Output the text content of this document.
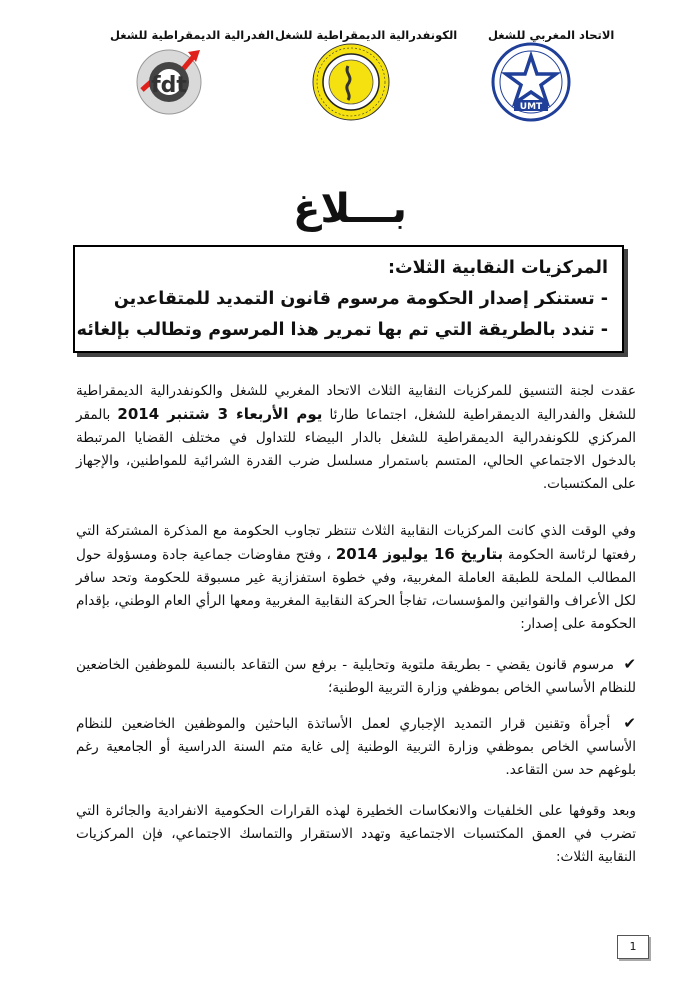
الفدرالية الديمقراطية للشغل الكونفدرالية الديمقراطية للشغل	الاتحاد المغربي للشغل
fdt
UMT
بـــلاغ
المركزيات النقابية الثلاث:
- تستنكر إصدار الحكومة مرسوم قانون التمديد للمتقاعدين
- تندد بالطريقة التي تم بها تمرير هذا المرسوم وتطالب بإلغائه
عقدت لجنة التنسيق للمركزيات النقابية الثلاث الاتحاد المغربي للشغل والكونفدرالية الديمقراطية للشغل والفدرالية الديمقراطية للشغل، اجتماعا طارئا يوم الأربعاء 3 شتنبر 2014 بالمقر المركزي للكونفدرالية الديمقراطية للشغل بالدار البيضاء للتداول في مختلف القضايا المرتبطة بالدخول الاجتماعي الحالي، المتسم باستمرار مسلسل ضرب القدرة الشرائية للمواطنين، والإجهاز على المكتسبات.
وفي الوقت الذي كانت المركزيات النقابية الثلاث تنتظر تجاوب الحكومة مع المذكرة المشتركة التي رفعتها لرئاسة الحكومة بتاريخ 16 يوليوز 2014 ، وفتح مفاوضات جماعية جادة ومسؤولة حول المطالب الملحة للطبقة العاملة المغربية، وفي خطوة استفزازية غير مسبوقة للحكومة وتحد سافر لكل الأعراف والقوانين والمؤسسات، تفاجأ الحركة النقابية المغربية ومعها الرأي العام الوطني، بإقدام الحكومة على إصدار:
✔ مرسوم قانون يقضي - بطريقة ملتوية وتحايلية - برفع سن التقاعد بالنسبة للموظفين الخاضعين للنظام الأساسي الخاص بموظفي وزارة التربية الوطنية؛
✔ أجرأة وتقنين قرار التمديد الإجباري لعمل الأساتذة الباحثين والموظفين الخاضعين للنظام الأساسي الخاص بموظفي وزارة التربية الوطنية إلى غاية متم السنة الدراسية أو الجامعية رغم بلوغهم حد سن التقاعد.
وبعد وقوفها على الخلفيات والانعكاسات الخطيرة لهذه القرارات الحكومية الانفرادية والجائرة التي تضرب في العمق المكتسبات الاجتماعية وتهدد الاستقرار والتماسك الاجتماعي، فإن المركزيات النقابية الثلاث:
1
